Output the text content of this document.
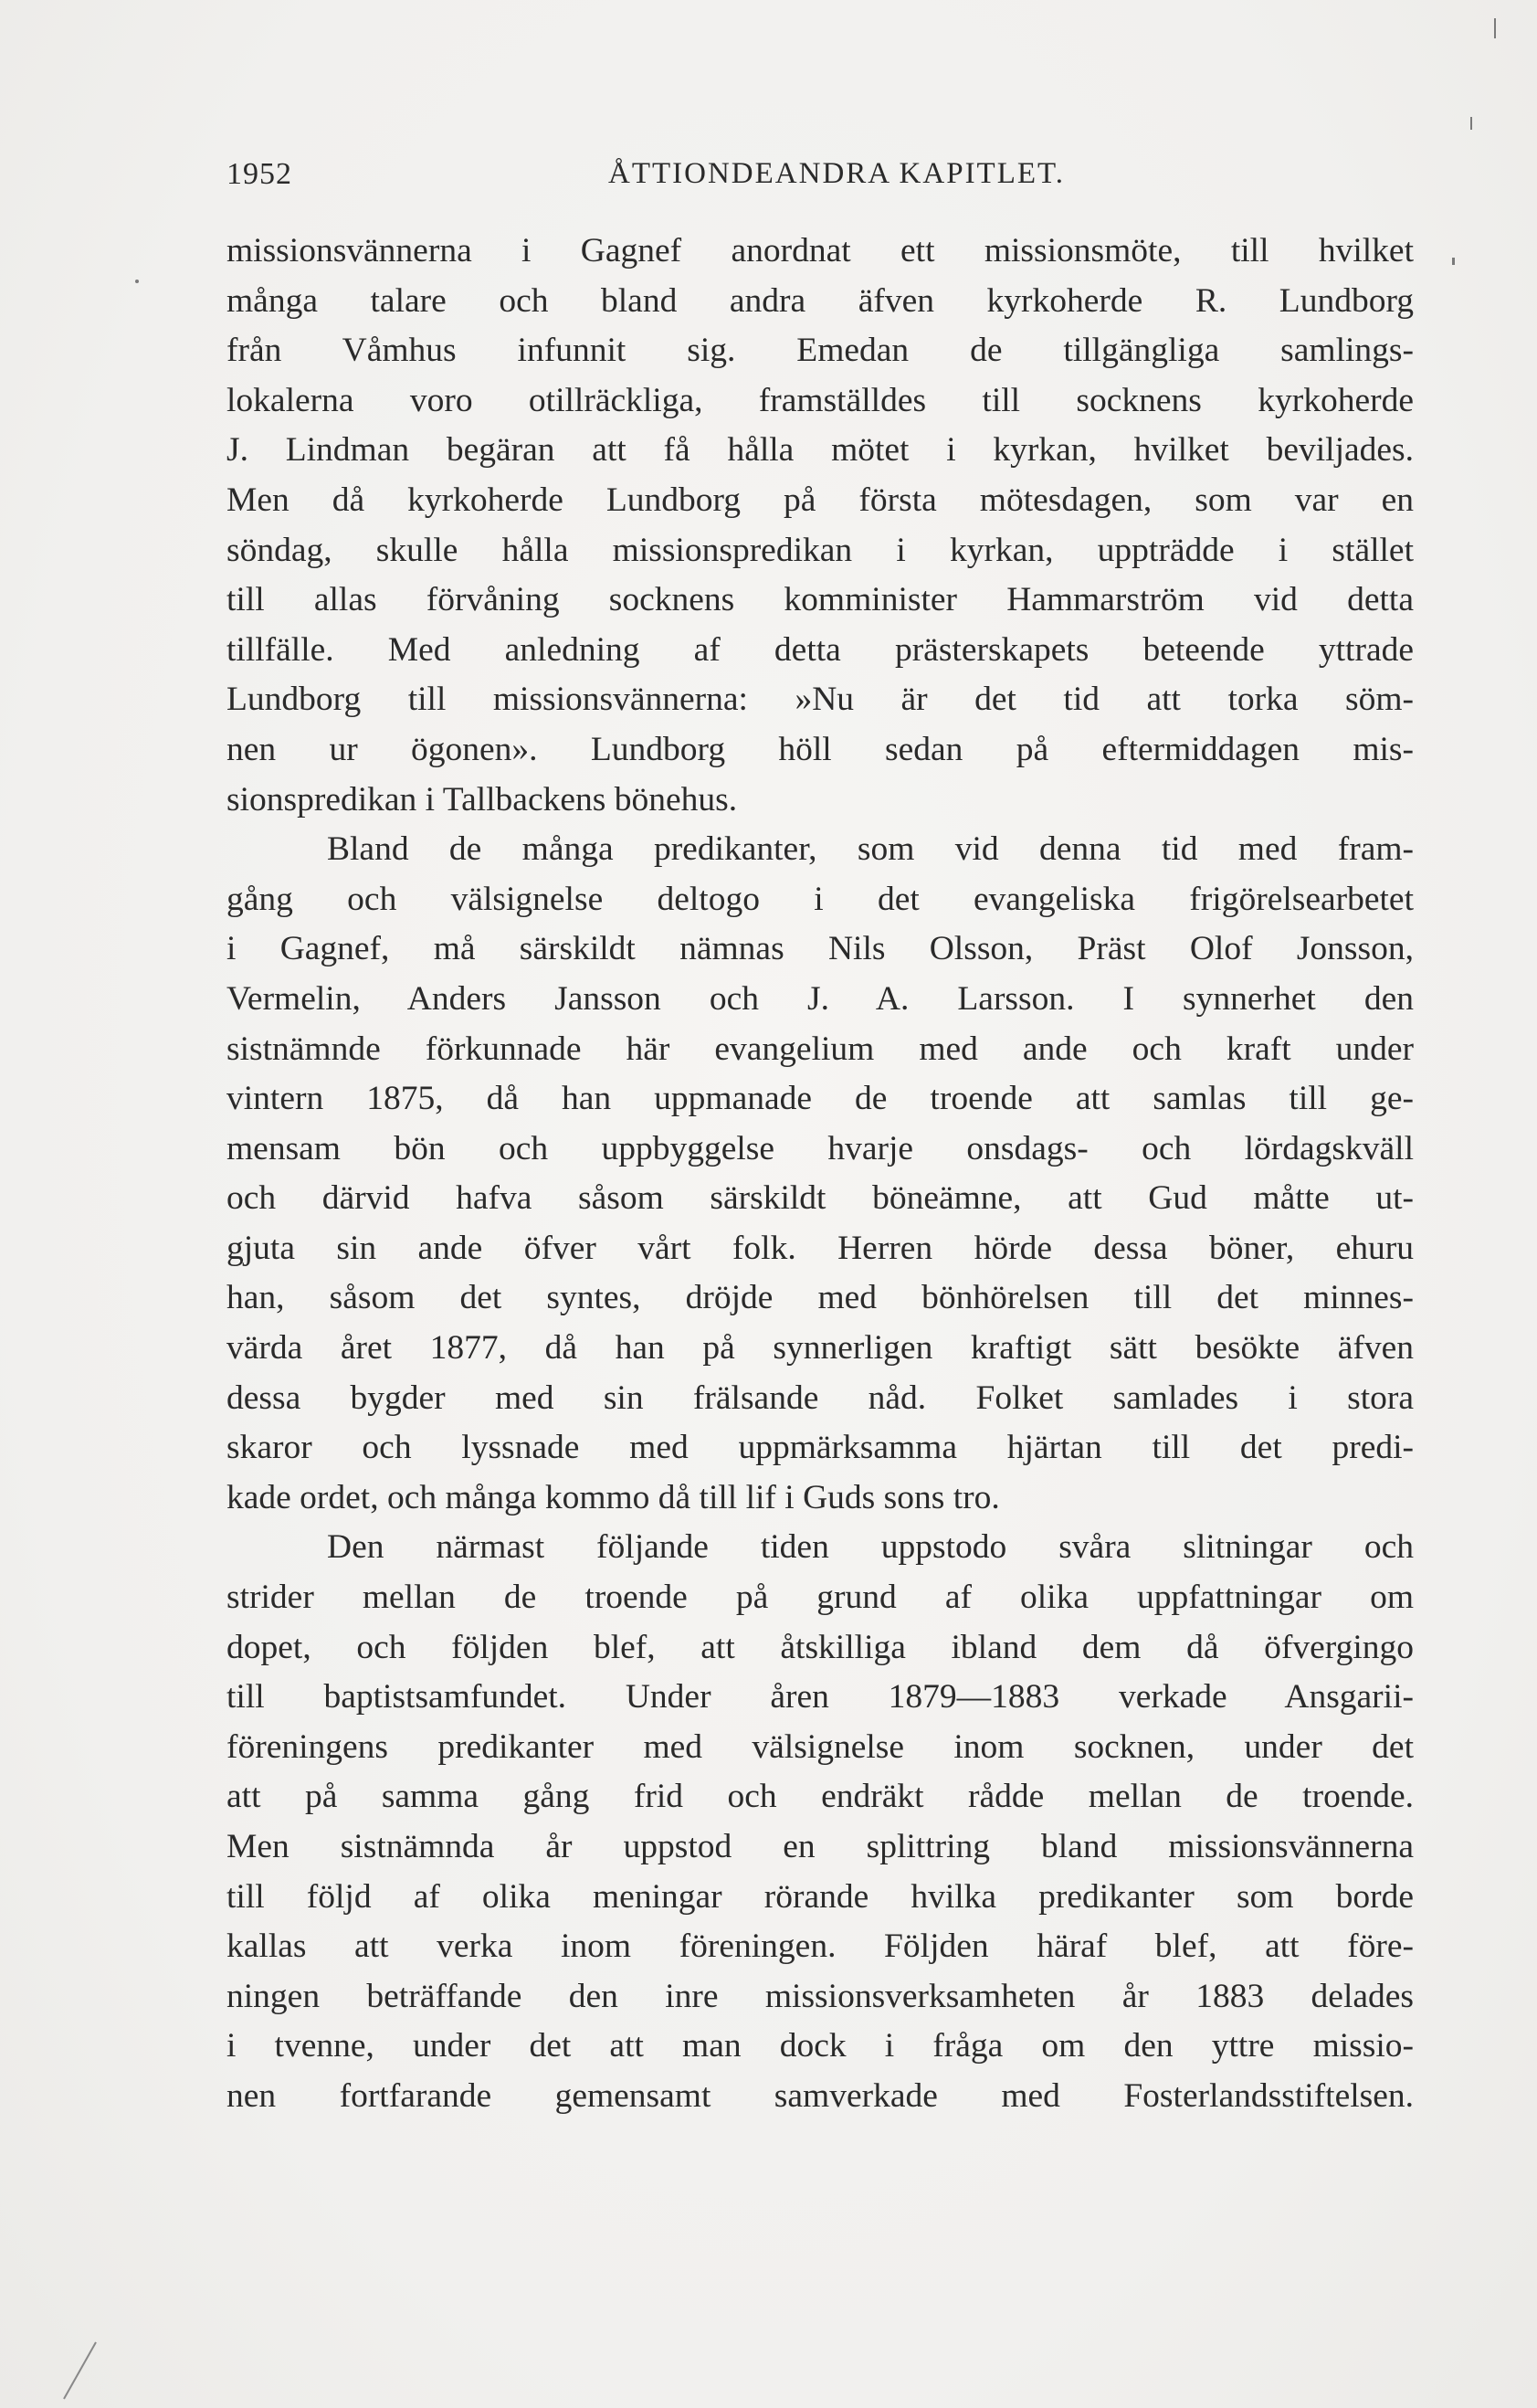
1952	ÅTTIONDEANDRA KAPITLET.
missionsvännerna i Gagnef anordnat ett missionsmöte, till hvilket
många talare och bland andra äfven kyrkoherde R. Lundborg
från Våmhus infunnit sig. Emedan de tillgängliga samlings-
lokalerna voro otillräckliga, framställdes till socknens kyrkoherde
J. Lindman begäran att få hålla mötet i kyrkan, hvilket beviljades.
Men då kyrkoherde Lundborg på första mötesdagen, som var en
söndag, skulle hålla missionspredikan i kyrkan, uppträdde i stället
till allas förvåning socknens komminister Hammarström vid detta
tillfälle. Med anledning af detta prästerskapets beteende yttrade
Lundborg till missionsvännerna: »Nu är det tid att torka söm-
nen ur ögonen». Lundborg höll sedan på eftermiddagen mis-
sionspredikan i Tallbackens bönehus.
Bland de många predikanter, som vid denna tid med fram-
gång och välsignelse deltogo i det evangeliska frigörelsearbetet
i Gagnef, må särskildt nämnas Nils Olsson, Präst Olof Jonsson,
Vermelin, Anders Jansson och J. A. Larsson. I synnerhet den
sistnämnde förkunnade här evangelium med ande och kraft under
vintern 1875, då han uppmanade de troende att samlas till ge-
mensam bön och uppbyggelse hvarje onsdags- och lördagskväll
och därvid hafva såsom särskildt böneämne, att Gud måtte ut-
gjuta sin ande öfver vårt folk. Herren hörde dessa böner, ehuru
han, såsom det syntes, dröjde med bönhörelsen till det minnes-
värda året 1877, då han på synnerligen kraftigt sätt besökte äfven
dessa bygder med sin frälsande nåd. Folket samlades i stora
skaror och lyssnade med uppmärksamma hjärtan till det predi-
kade ordet, och många kommo då till lif i Guds sons tro.
Den närmast följande tiden uppstodo svåra slitningar och
strider mellan de troende på grund af olika uppfattningar om
dopet, och följden blef, att åtskilliga ibland dem då öfvergingo
till baptistsamfundet. Under åren 1879—1883 verkade Ansgarii-
föreningens predikanter med välsignelse inom socknen, under det
att på samma gång frid och endräkt rådde mellan de troende.
Men sistnämnda år uppstod en splittring bland missionsvännerna
till följd af olika meningar rörande hvilka predikanter som borde
kallas att verka inom föreningen. Följden häraf blef, att före-
ningen beträffande den inre missionsverksamheten år 1883 delades
i tvenne, under det att man dock i fråga om den yttre missio-
nen fortfarande gemensamt samverkade med Fosterlandsstiftelsen.
